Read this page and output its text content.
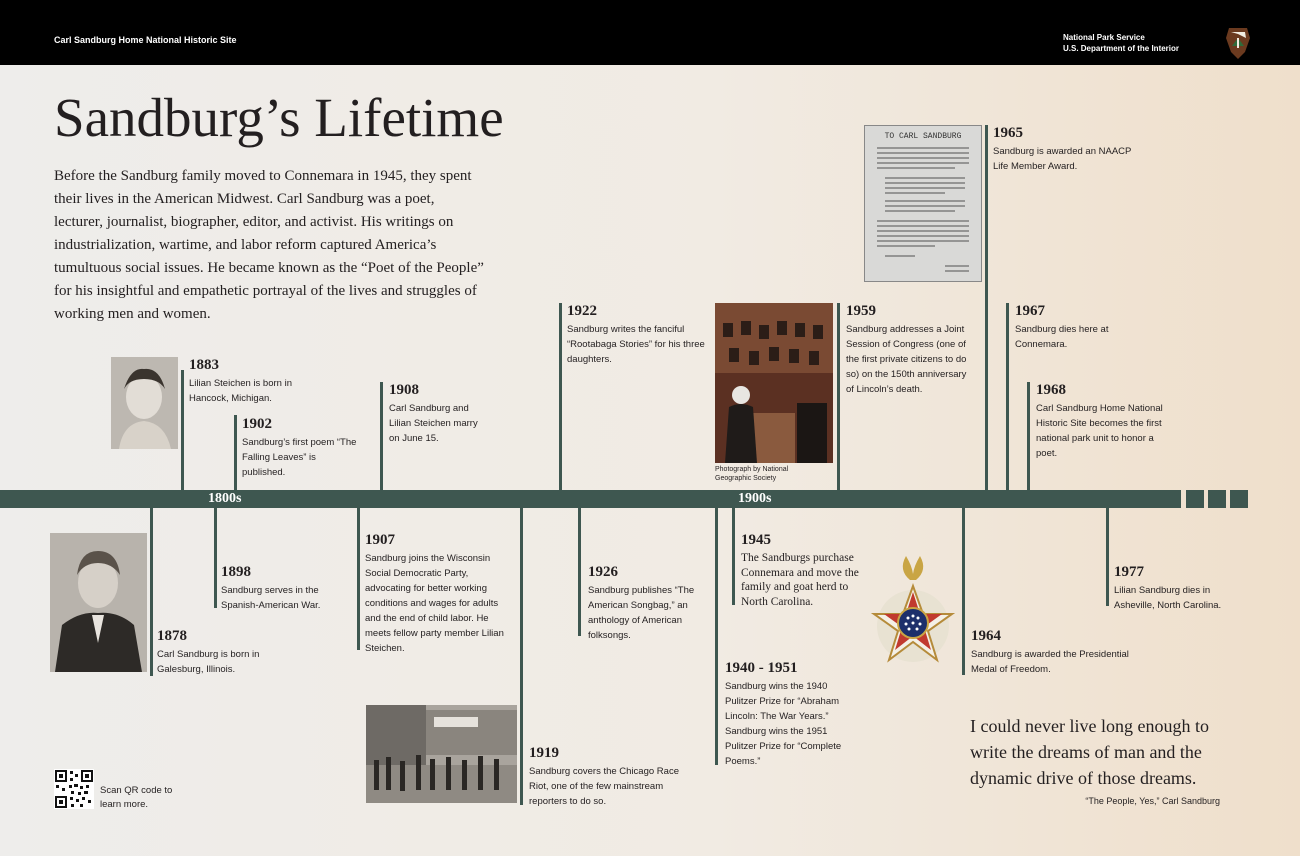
Carl Sandburg Home National Historic Site	National Park Service
U.S. Department of the Interior
Sandburg’s Lifetime
Before the Sandburg family moved to Connemara in 1945, they spent their lives in the American Midwest. Carl Sandburg was a poet, lecturer, journalist, biographer, editor, and activist. His writings on industrialization, wartime, and labor reform captured America’s tumultuous social issues. He became known as the “Poet of the People” for his insightful and empathetic portrayal of the lives and struggles of working men and women.
1800s	1900s
1883
Lilian Steichen is born in Hancock, Michigan.
1902
Sandburg’s first poem “The Falling Leaves” is published.
1908
Carl Sandburg and Lilian Steichen marry on June 15.
1922
Sandburg writes the fanciful “Rootabaga Stories” for his three daughters.
1959
Sandburg addresses a Joint Session of Congress (one of the first private citizens to do so) on the 150th anniversary of Lincoln’s death.
1965
Sandburg is awarded an NAACP Life Member Award.
1967
Sandburg dies here at Connemara.
1968
Carl Sandburg Home National Historic Site becomes the first national park unit to honor a poet.
1878
Carl Sandburg is born in Galesburg, Illinois.
1898
Sandburg serves in the Spanish-American War.
1907
Sandburg joins the Wisconsin Social Democratic Party, advocating for better working conditions and wages for adults and the end of child labor. He meets fellow party member Lilian Steichen.
1919
Sandburg covers the Chicago Race Riot, one of the few mainstream reporters to do so.
1926
Sandburg publishes “The American Songbag,” an anthology of American folksongs.
1940 - 1951
Sandburg wins the 1940 Pulitzer Prize for “Abraham Lincoln: The War Years.” Sandburg wins the 1951 Pulitzer Prize for “Complete Poems.”
1945
The Sandburgs purchase Connemara and move the family and goat herd to North Carolina.
1964
Sandburg is awarded the Presidential Medal of Freedom.
1977
Lilian Sandburg dies in Asheville, North Carolina.
Photograph by National Geographic Society
TO CARL SANDBURG
I could never live long enough to write the dreams of man and the dynamic drive of those dreams.
“The People, Yes,” Carl Sandburg
Scan QR code to learn more.
